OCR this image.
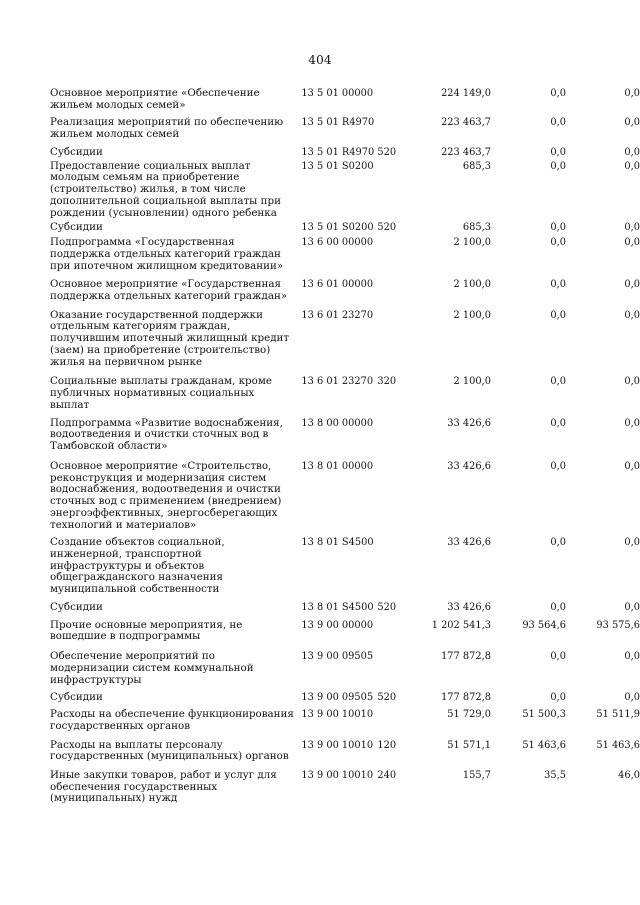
404
Основное мероприятие «Обеспечение жильем молодых семей»	13 5 01 00000		224 149,0	0,0	0,0
Реализация мероприятий по обеспечению жильем молодых семей	13 5 01 R4970		223 463,7	0,0	0,0
Субсидии	13 5 01 R4970	520	223 463,7	0,0	0,0
Предоставление социальных выплат молодым семьям на приобретение (строительство) жилья, в том числе дополнительной социальной выплаты при рождении (усыновлении) одного ребенка	13 5 01 S0200		685,3	0,0	0,0
Субсидии	13 5 01 S0200	520	685,3	0,0	0,0
Подпрограмма «Государственная поддержка отдельных категорий граждан при ипотечном жилищном кредитовании»	13 6 00 00000		2 100,0	0,0	0,0
Основное мероприятие «Государственная поддержка отдельных категорий граждан»	13 6 01 00000		2 100,0	0,0	0,0
Оказание государственной поддержки отдельным категориям граждан, получившим ипотечный жилищный кредит (заем) на приобретение (строительство) жилья на первичном рынке	13 6 01 23270		2 100,0	0,0	0,0
Социальные выплаты гражданам, кроме публичных нормативных социальных выплат	13 6 01 23270	320	2 100,0	0,0	0,0
Подпрограмма «Развитие водоснабжения, водоотведения и очистки сточных вод в Тамбовской области»	13 8 00 00000		33 426,6	0,0	0,0
Основное мероприятие «Строительство, реконструкция и модернизация систем водоснабжения, водоотведения и очистки сточных вод с применением (внедрением) энергоэффективных, энергосберегающих технологий и материалов»	13 8 01 00000		33 426,6	0,0	0,0
Создание объектов социальной, инженерной, транспортной инфраструктуры и объектов общегражданского назначения муниципальной собственности	13 8 01 S4500		33 426,6	0,0	0,0
Субсидии	13 8 01 S4500	520	33 426,6	0,0	0,0
Прочие основные мероприятия, не вошедшие в подпрограммы	13 9 00 00000		1 202 541,3	93 564,6	93 575,6
Обеспечение мероприятий по модернизации систем коммунальной инфраструктуры	13 9 00 09505		177 872,8	0,0	0,0
Субсидии	13 9 00 09505	520	177 872,8	0,0	0,0
Расходы на обеспечение функционирования государственных органов	13 9 00 10010		51 729,0	51 500,3	51 511,9
Расходы на выплаты персоналу государственных (муниципальных) органов	13 9 00 10010	120	51 571,1	51 463,6	51 463,6
Иные закупки товаров, работ и услуг для обеспечения государственных (муниципальных) нужд	13 9 00 10010	240	155,7	35,5	46,0
